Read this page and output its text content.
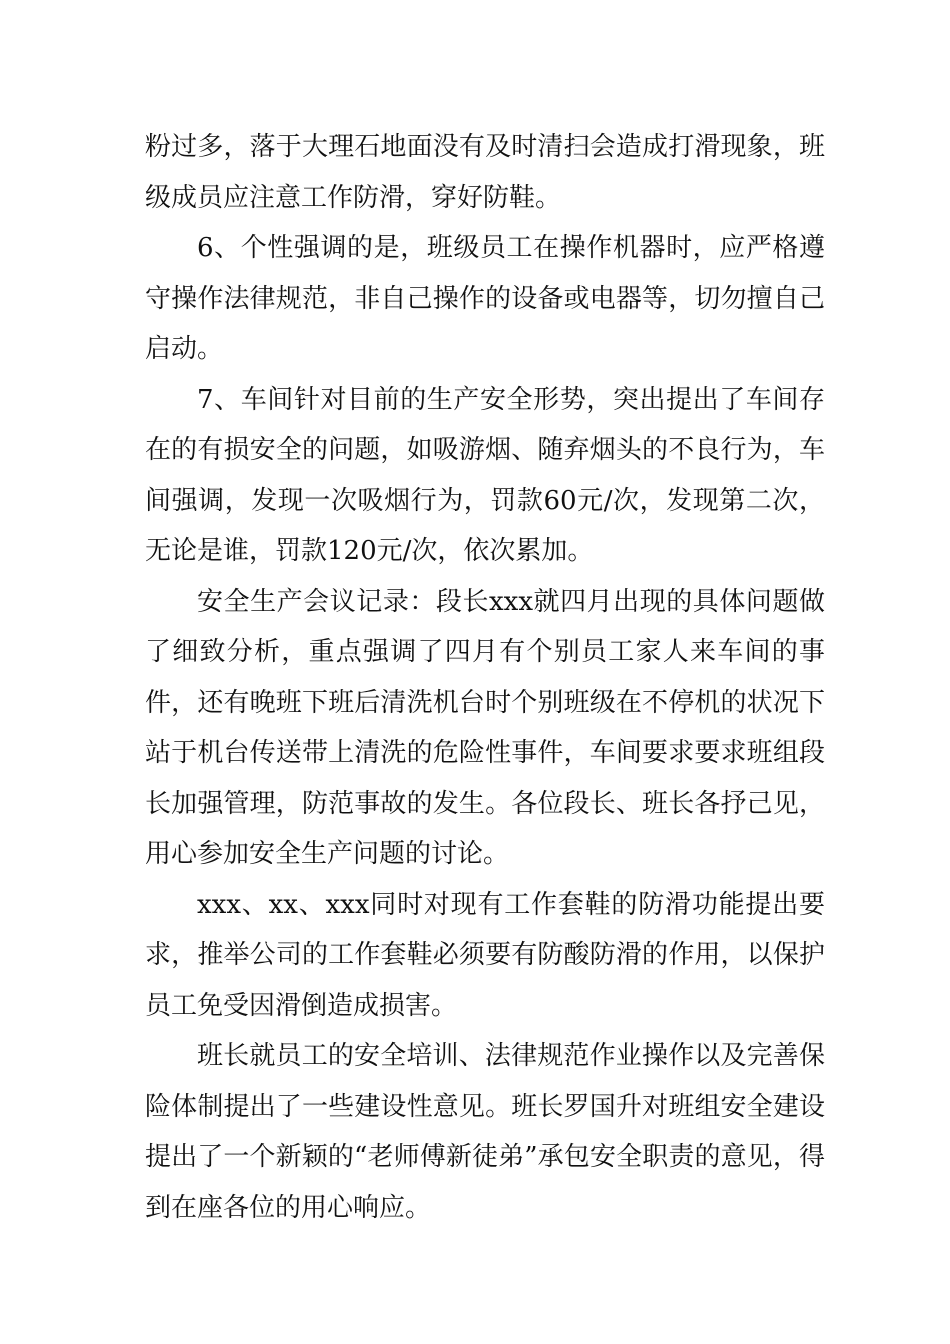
粉过多，落于大理石地面没有及时清扫会造成打滑现象，班级成员应注意工作防滑，穿好防鞋。

6、个性强调的是，班级员工在操作机器时，应严格遵守操作法律规范，非自己操作的设备或电器等，切勿擅自己启动。

7、车间针对目前的生产安全形势，突出提出了车间存在的有损安全的问题，如吸游烟、随弃烟头的不良行为，车间强调，发现一次吸烟行为，罚款60元/次，发现第二次，无论是谁，罚款120元/次，依次累加。

安全生产会议记录：段长xxx就四月出现的具体问题做了细致分析，重点强调了四月有个别员工家人来车间的事件，还有晚班下班后清洗机台时个别班级在不停机的状况下站于机台传送带上清洗的危险性事件，车间要求要求班组段长加强管理，防范事故的发生。各位段长、班长各抒己见，用心参加安全生产问题的讨论。

xxx、xx、xxx同时对现有工作套鞋的防滑功能提出要求，推举公司的工作套鞋必须要有防酸防滑的作用，以保护员工免受因滑倒造成损害。

班长就员工的安全培训、法律规范作业操作以及完善保险体制提出了一些建设性意见。班长罗国升对班组安全建设提出了一个新颖的“老师傅新徒弟”承包安全职责的意见，得到在座各位的用心响应。
